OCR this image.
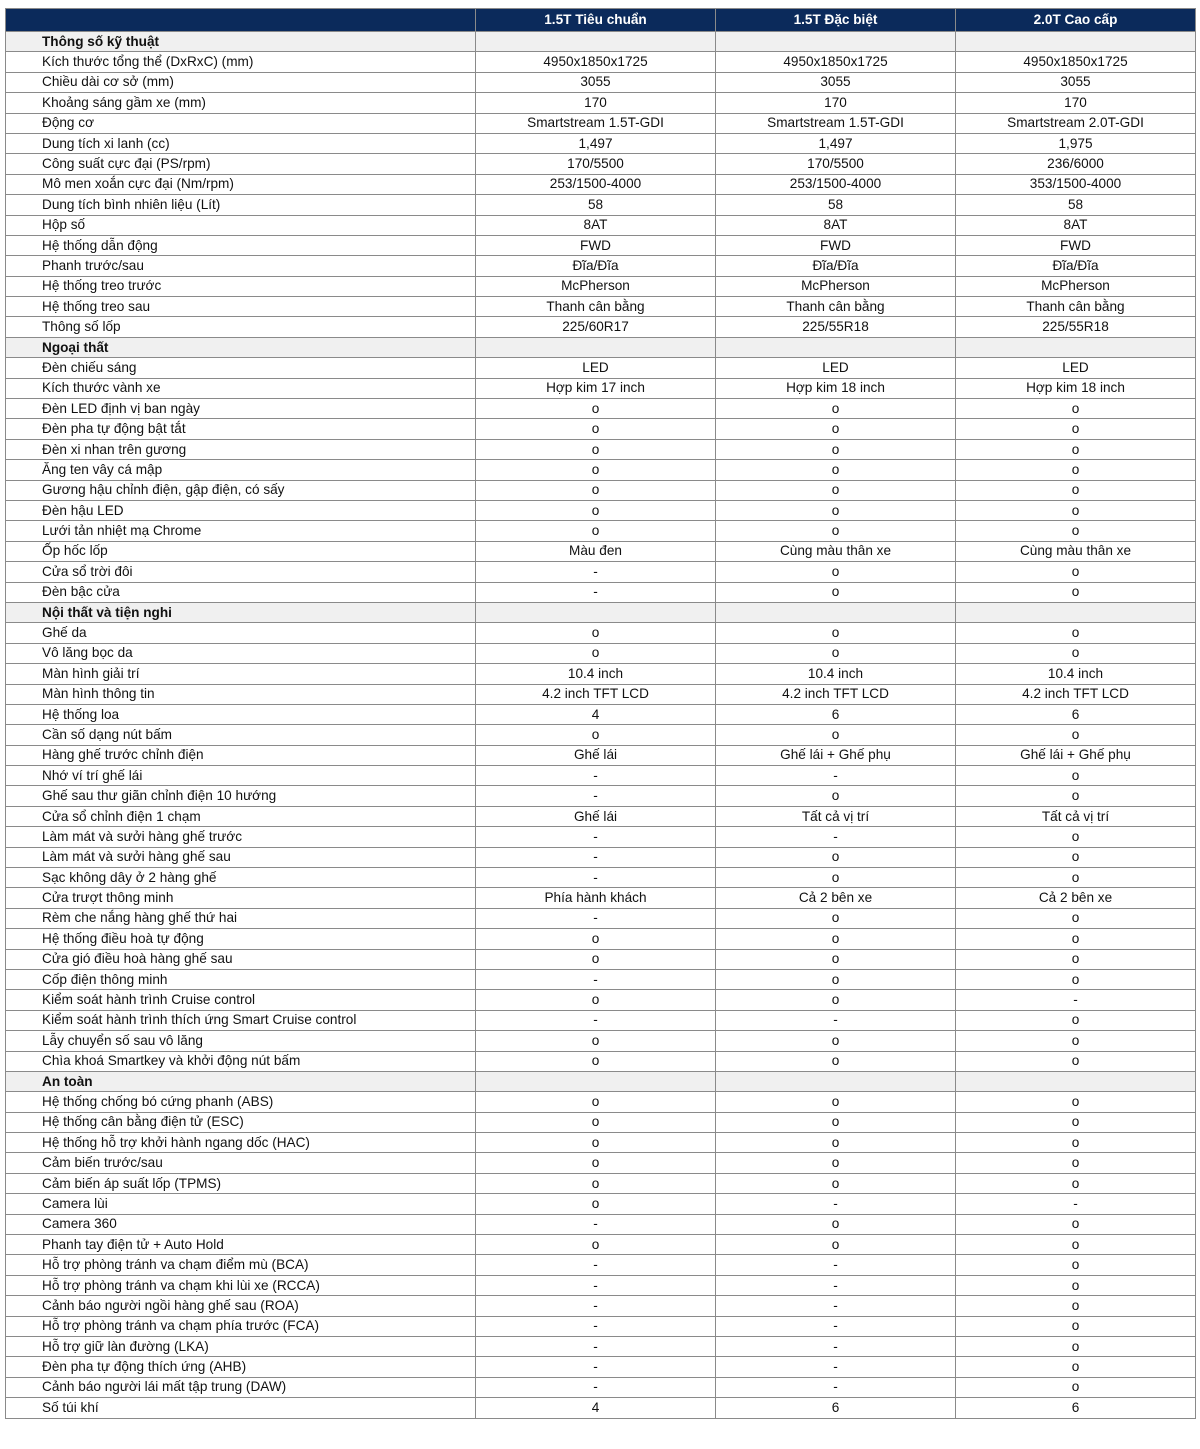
	1.5T Tiêu chuẩn	1.5T Đặc biệt	2.0T Cao cấp
Thông số kỹ thuật			
Kích thước tổng thể (DxRxC) (mm)	4950x1850x1725	4950x1850x1725	4950x1850x1725
Chiều dài cơ sở (mm)	3055	3055	3055
Khoảng sáng gầm xe (mm)	170	170	170
Động cơ	Smartstream 1.5T-GDI	Smartstream 1.5T-GDI	Smartstream 2.0T-GDI
Dung tích xi lanh (cc)	1,497	1,497	1,975
Công suất cực đại (PS/rpm)	170/5500	170/5500	236/6000
Mô men xoắn cực đại (Nm/rpm)	253/1500-4000	253/1500-4000	353/1500-4000
Dung tích bình nhiên liệu (Lít)	58	58	58
Hộp số	8AT	8AT	8AT
Hệ thống dẫn động	FWD	FWD	FWD
Phanh trước/sau	Đĩa/Đĩa	Đĩa/Đĩa	Đĩa/Đĩa
Hệ thống treo trước	McPherson	McPherson	McPherson
Hệ thống treo sau	Thanh cân bằng	Thanh cân bằng	Thanh cân bằng
Thông số lốp	225/60R17	225/55R18	225/55R18
Ngoại thất			
Đèn chiếu sáng	LED	LED	LED
Kích thước vành xe	Hợp kim 17 inch	Hợp kim 18 inch	Hợp kim 18 inch
Đèn LED định vị ban ngày	o	o	o
Đèn pha tự động bật tắt	o	o	o
Đèn xi nhan trên gương	o	o	o
Ăng ten vây cá mập	o	o	o
Gương hậu chỉnh điện, gập điện, có sấy	o	o	o
Đèn hậu LED	o	o	o
Lưới tản nhiệt mạ Chrome	o	o	o
Ốp hốc lốp	Màu đen	Cùng màu thân xe	Cùng màu thân xe
Cửa sổ trời đôi	-	o	o
Đèn bậc cửa	-	o	o
Nội thất và tiện nghi			
Ghế da	o	o	o
Vô lăng bọc da	o	o	o
Màn hình giải trí	10.4 inch	10.4 inch	10.4 inch
Màn hình thông tin	4.2 inch TFT LCD	4.2 inch TFT LCD	4.2 inch TFT LCD
Hệ thống loa	4	6	6
Cần số dạng nút bấm	o	o	o
Hàng ghế trước chỉnh điện	Ghế lái	Ghế lái + Ghế phụ	Ghế lái + Ghế phụ
Nhớ ví trí ghế lái	-	-	o
Ghế sau thư giãn chỉnh điện 10 hướng	-	o	o
Cửa sổ chỉnh điện 1 chạm	Ghế lái	Tất cả vị trí	Tất cả vị trí
Làm mát và sưởi hàng ghế trước	-	-	o
Làm mát và sưởi hàng ghế sau	-	o	o
Sạc không dây ở 2 hàng ghế	-	o	o
Cửa trượt thông minh	Phía hành khách	Cả 2 bên xe	Cả 2 bên xe
Rèm che nắng hàng ghế thứ hai	-	o	o
Hệ thống điều hoà tự động	o	o	o
Cửa gió điều hoà hàng ghế sau	o	o	o
Cốp điện thông minh	-	o	o
Kiểm soát hành trình Cruise control	o	o	-
Kiểm soát hành trình thích ứng Smart Cruise control	-	-	o
Lẫy chuyển số sau vô lăng	o	o	o
Chìa khoá Smartkey và khởi động nút bấm	o	o	o
An toàn			
Hệ thống chống bó cứng phanh (ABS)	o	o	o
Hệ thống cân bằng điện tử (ESC)	o	o	o
Hệ thống hỗ trợ khởi hành ngang dốc (HAC)	o	o	o
Cảm biến trước/sau	o	o	o
Cảm biến áp suất lốp (TPMS)	o	o	o
Camera lùi	o	-	-
Camera 360	-	o	o
Phanh tay điện tử + Auto Hold	o	o	o
Hỗ trợ phòng tránh va chạm điểm mù (BCA)	-	-	o
Hỗ trợ phòng tránh va chạm khi lùi xe (RCCA)	-	-	o
Cảnh báo người ngồi hàng ghế sau (ROA)	-	-	o
Hỗ trợ phòng tránh va chạm phía trước (FCA)	-	-	o
Hỗ trợ giữ làn đường (LKA)	-	-	o
Đèn pha tự động thích ứng (AHB)	-	-	o
Cảnh báo người lái mất tập trung (DAW)	-	-	o
Số túi khí	4	6	6
